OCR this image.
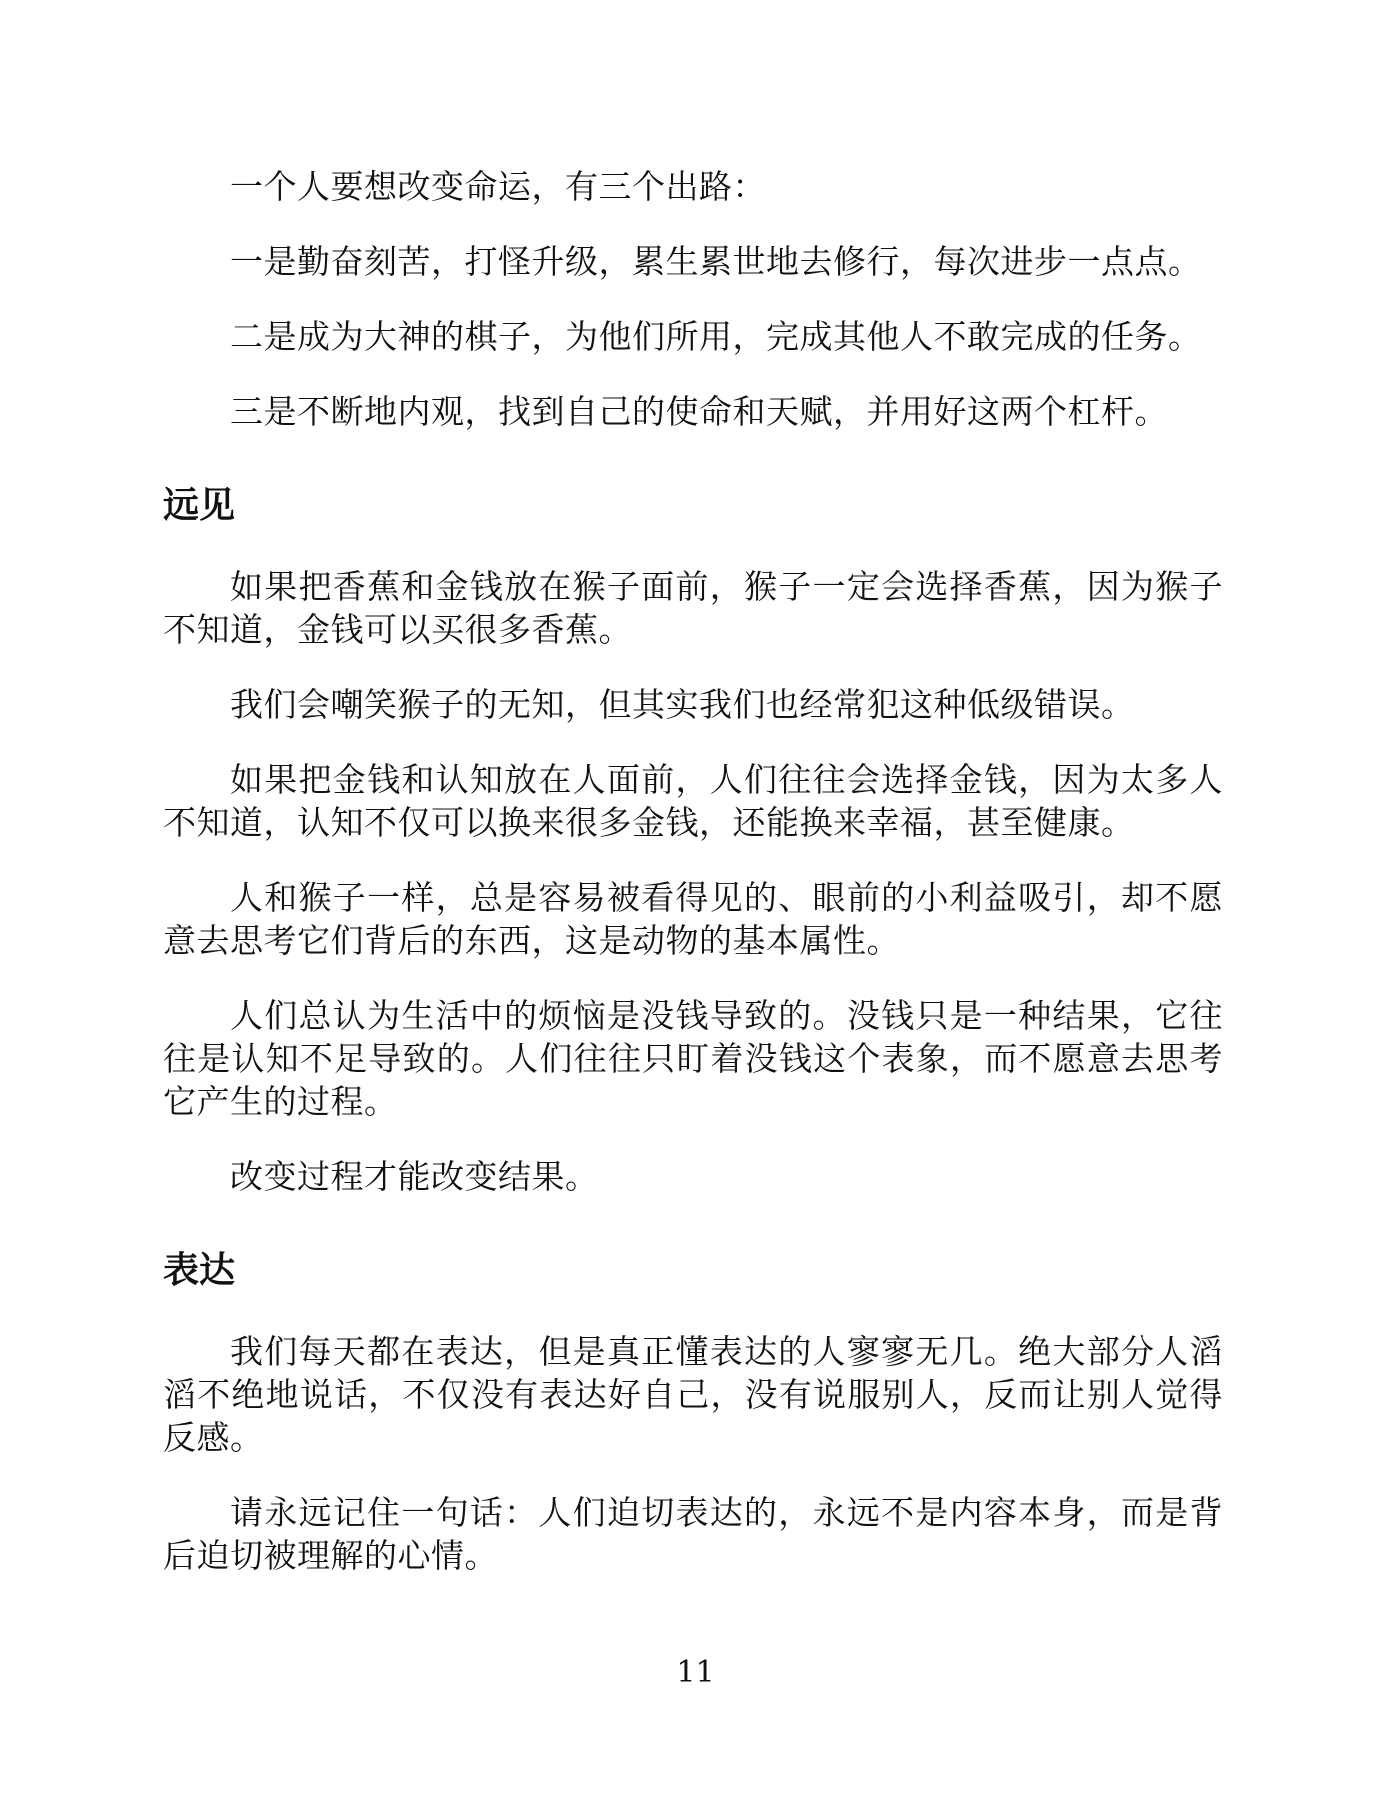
一个人要想改变命运，有三个出路：

一是勤奋刻苦，打怪升级，累生累世地去修行，每次进步一点点。

二是成为大神的棋子，为他们所用，完成其他人不敢完成的任务。

三是不断地内观，找到自己的使命和天赋，并用好这两个杠杆。

远见

如果把香蕉和金钱放在猴子面前，猴子一定会选择香蕉，因为猴子不知道，金钱可以买很多香蕉。

我们会嘲笑猴子的无知，但其实我们也经常犯这种低级错误。

如果把金钱和认知放在人面前，人们往往会选择金钱，因为太多人不知道，认知不仅可以换来很多金钱，还能换来幸福，甚至健康。

人和猴子一样，总是容易被看得见的、眼前的小利益吸引，却不愿意去思考它们背后的东西，这是动物的基本属性。

人们总认为生活中的烦恼是没钱导致的。没钱只是一种结果，它往往是认知不足导致的。人们往往只盯着没钱这个表象，而不愿意去思考它产生的过程。

改变过程才能改变结果。

表达

我们每天都在表达，但是真正懂表达的人寥寥无几。绝大部分人滔滔不绝地说话，不仅没有表达好自己，没有说服别人，反而让别人觉得反感。

请永远记住一句话：人们迫切表达的，永远不是内容本身，而是背后迫切被理解的心情。

11
